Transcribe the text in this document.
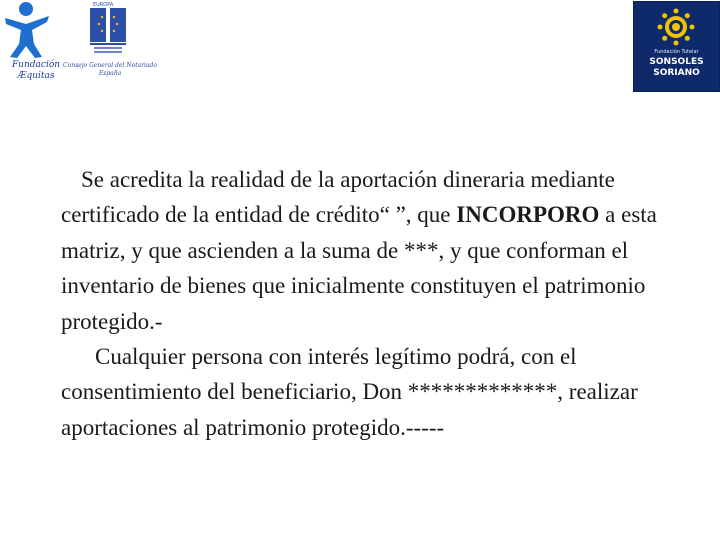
Fundación
Æquitas
EUROPA
Consejo General del Notariado
España
Fundación Tutelar
SONSOLES
SORIANO

Se acredita la realidad de la aportación dineraria mediante certificado de la entidad de crédito“ ”, que INCORPORO a esta matriz, y que ascienden a la suma de ***, y que conforman el inventario de bienes que inicialmente constituyen el patrimonio protegido.-

Cualquier persona con interés legítimo podrá, con el consentimiento del beneficiario, Don *************, realizar aportaciones al patrimonio protegido.-----
